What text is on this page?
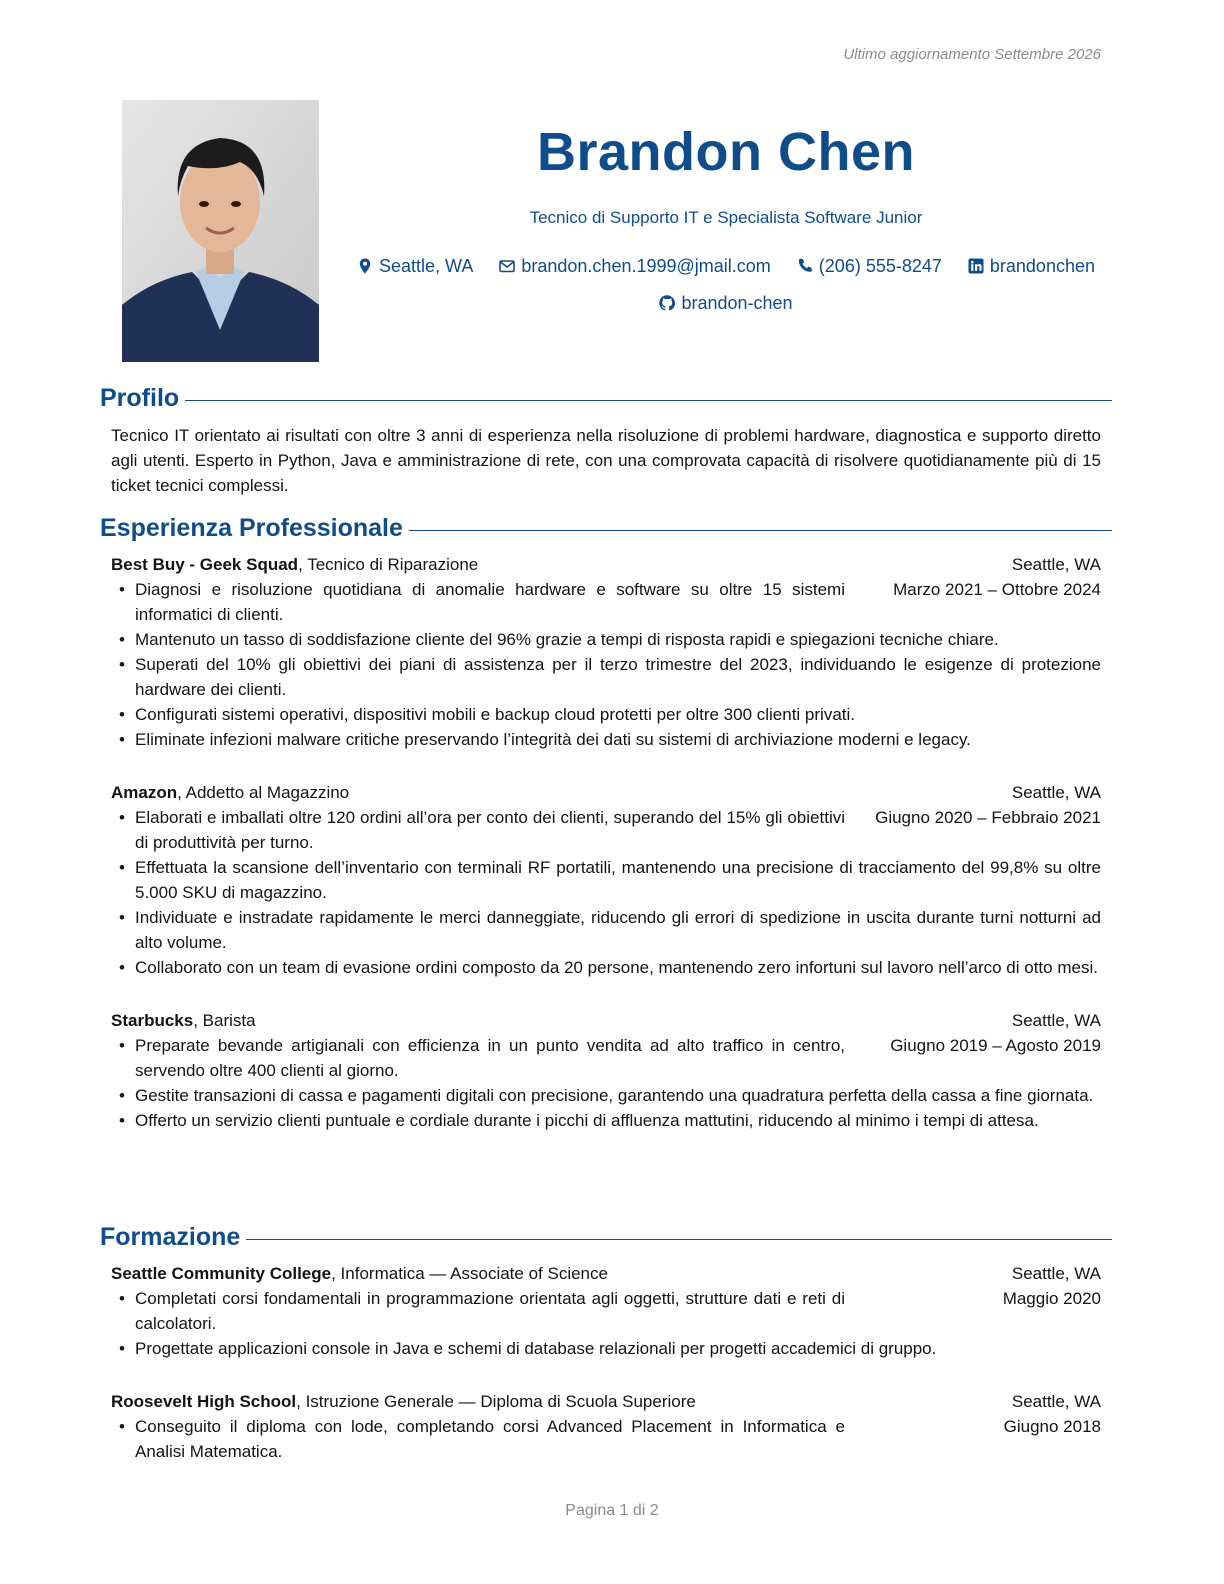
Ultimo aggiornamento Settembre 2026
Brandon Chen
Tecnico di Supporto IT e Specialista Software Junior
Seattle, WA	brandon.chen.1999@jmail.com	(206) 555-8247	brandonchen
brandon-chen
Profilo

Tecnico IT orientato ai risultati con oltre 3 anni di esperienza nella risoluzione di problemi hardware, diagnostica e supporto diretto agli utenti. Esperto in Python, Java e amministrazione di rete, con una comprovata capacità di risolvere quotidianamente più di 15 ticket tecnici complessi.

Esperienza Professionale
Best Buy - Geek Squad, Tecnico di Riparazione	Seattle, WA
• Diagnosi e risoluzione quotidiana di anomalie hardware e software su oltre 15 sistemi informatici di clienti.
Marzo 2021 – Ottobre 2024
• Mantenuto un tasso di soddisfazione cliente del 96% grazie a tempi di risposta rapidi e spiegazioni tecniche chiare.
• Superati del 10% gli obiettivi dei piani di assistenza per il terzo trimestre del 2023, individuando le esigenze di protezione hardware dei clienti.
• Configurati sistemi operativi, dispositivi mobili e backup cloud protetti per oltre 300 clienti privati.
• Eliminate infezioni malware critiche preservando l’integrità dei dati su sistemi di archiviazione moderni e legacy.
Amazon, Addetto al Magazzino	Seattle, WA
• Elaborati e imballati oltre 120 ordini all’ora per conto dei clienti, superando del 15% gli obiettivi di produttività per turno.
Giugno 2020 – Febbraio 2021
• Effettuata la scansione dell’inventario con terminali RF portatili, mantenendo una precisione di tracciamento del 99,8% su oltre 5.000 SKU di magazzino.
• Individuate e instradate rapidamente le merci danneggiate, riducendo gli errori di spedizione in uscita durante turni notturni ad alto volume.
• Collaborato con un team di evasione ordini composto da 20 persone, mantenendo zero infortuni sul lavoro nell’arco di otto mesi.
Starbucks, Barista	Seattle, WA
• Preparate bevande artigianali con efficienza in un punto vendita ad alto traffico in centro, servendo oltre 400 clienti al giorno.
Giugno 2019 – Agosto 2019
• Gestite transazioni di cassa e pagamenti digitali con precisione, garantendo una quadratura perfetta della cassa a fine giornata.
• Offerto un servizio clienti puntuale e cordiale durante i picchi di affluenza mattutini, riducendo al minimo i tempi di attesa.
Formazione
Seattle Community College, Informatica — Associate of Science	Seattle, WA
• Completati corsi fondamentali in programmazione orientata agli oggetti, strutture dati e reti di calcolatori.
Maggio 2020
• Progettate applicazioni console in Java e schemi di database relazionali per progetti accademici di gruppo.
Roosevelt High School, Istruzione Generale — Diploma di Scuola Superiore	Seattle, WA
• Conseguito il diploma con lode, completando corsi Advanced Placement in Informatica e Analisi Matematica.
Giugno 2018
Pagina 1 di 2
